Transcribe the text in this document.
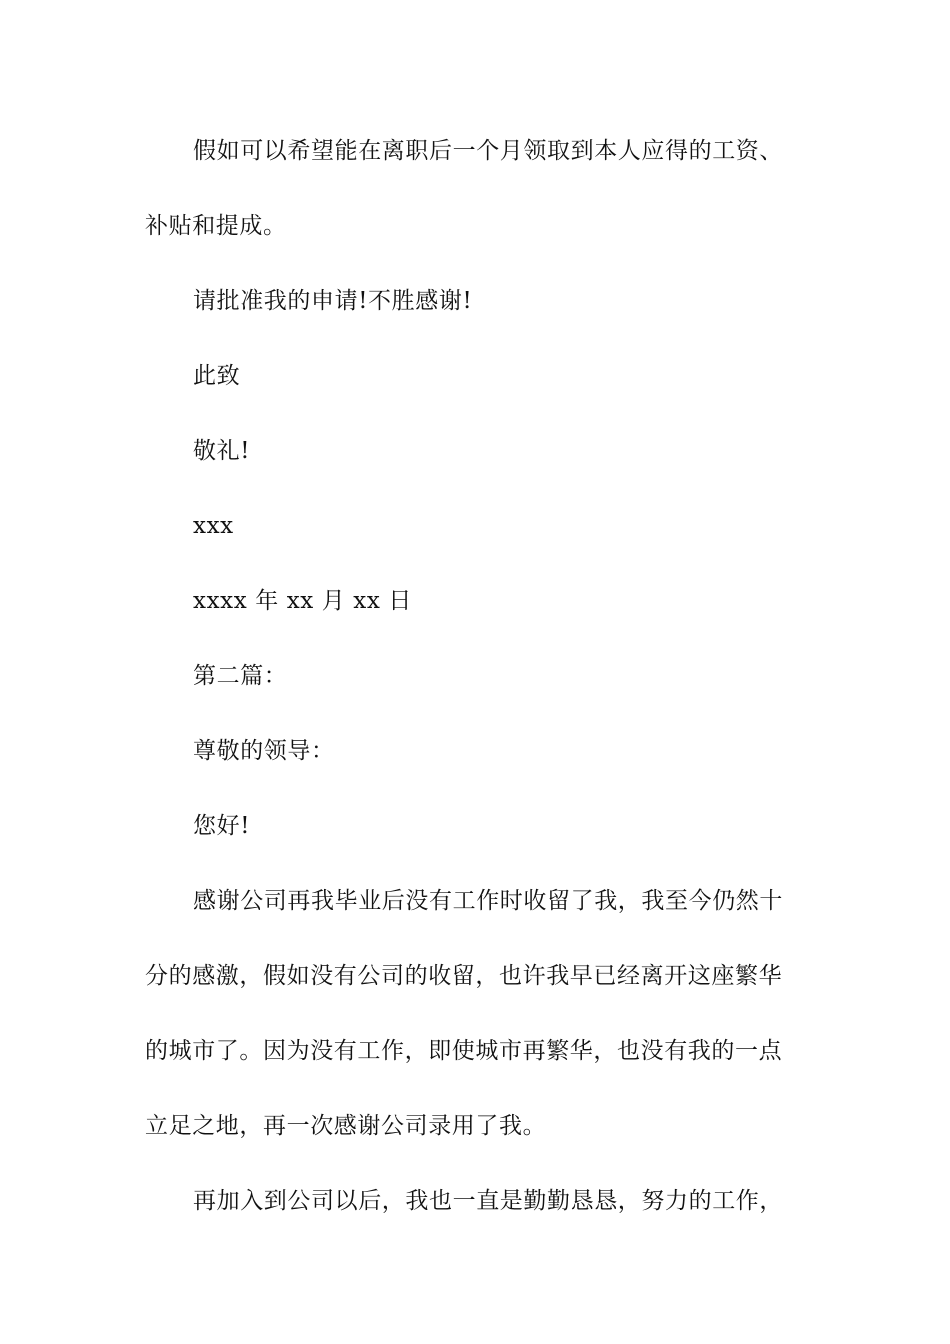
假如可以希望能在离职后一个月领取到本人应得的工资、
补贴和提成。
请批准我的申请!不胜感谢!
此致
敬礼!
xxx
xxxx 年 xx 月 xx 日
第二篇：
尊敬的领导：
您好!
感谢公司再我毕业后没有工作时收留了我，我至今仍然十
分的感激，假如没有公司的收留，也许我早已经离开这座繁华
的城市了。因为没有工作，即使城市再繁华，也没有我的一点
立足之地，再一次感谢公司录用了我。
再加入到公司以后，我也一直是勤勤恳恳，努力的工作，
